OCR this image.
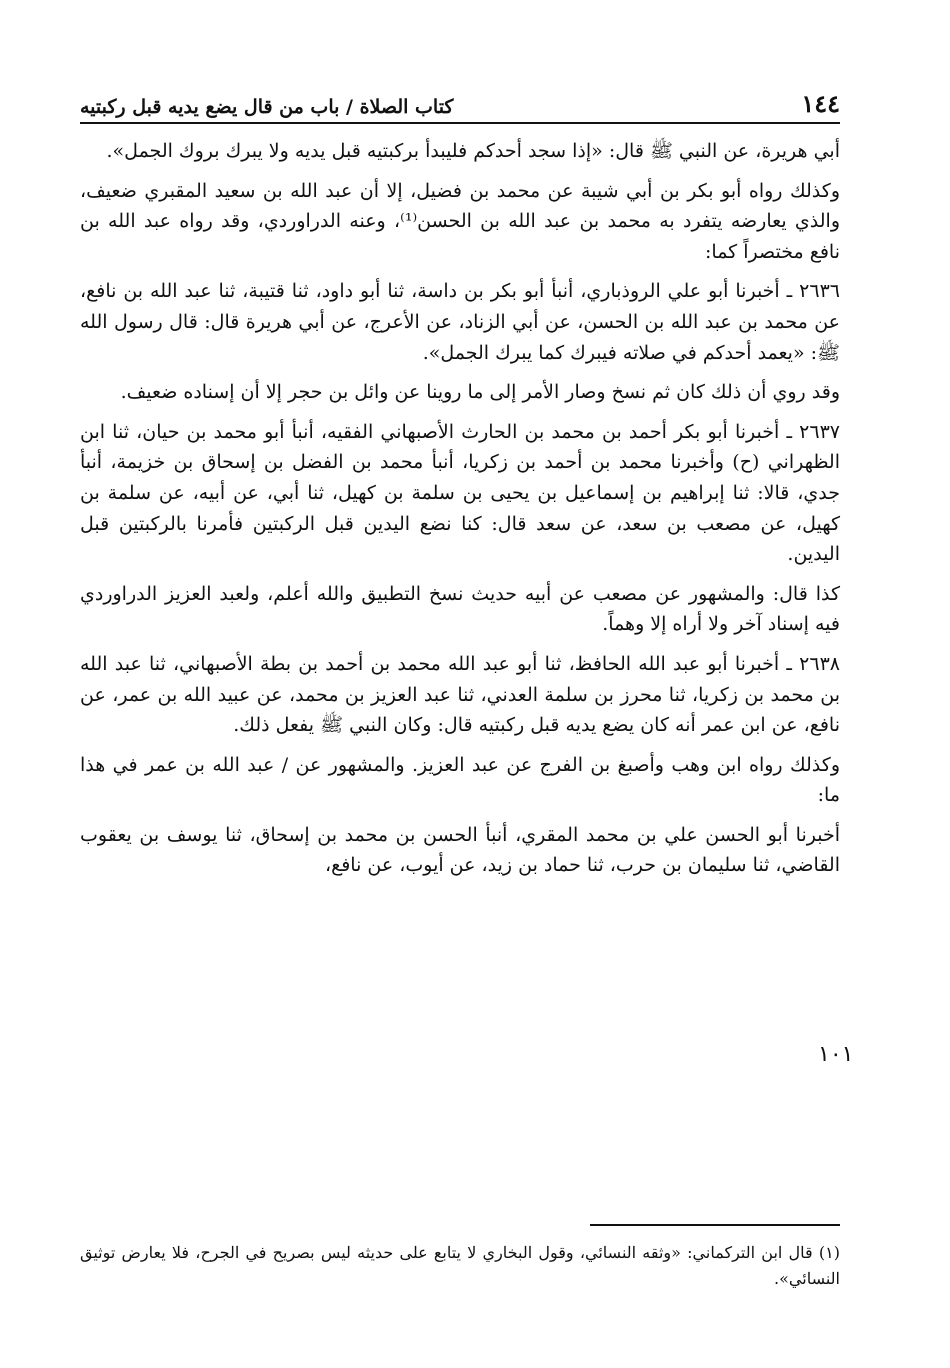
١٤٤
كتاب الصلاة / باب من قال يضع يديه قبل ركبتيه

أبي هريرة، عن النبي ﷺ قال: «إذا سجد أحدكم فليبدأ بركبتيه قبل يديه ولا يبرك بروك الجمل».

وكذلك رواه أبو بكر بن أبي شيبة عن محمد بن فضيل، إلا أن عبد الله بن سعيد المقبري ضعيف، والذي يعارضه يتفرد به محمد بن عبد الله بن الحسن⁽¹⁾، وعنه الدراوردي، وقد رواه عبد الله بن نافع مختصراً كما:

٢٦٣٦ ـ أخبرنا أبو علي الروذباري، أنبأ أبو بكر بن داسة، ثنا أبو داود، ثنا قتيبة، ثنا عبد الله بن نافع، عن محمد بن عبد الله بن الحسن، عن أبي الزناد، عن الأعرج، عن أبي هريرة قال: قال رسول الله ﷺ: «يعمد أحدكم في صلاته فيبرك كما يبرك الجمل».

وقد روي أن ذلك كان ثم نسخ وصار الأمر إلى ما روينا عن وائل بن حجر إلا أن إسناده ضعيف.

٢٦٣٧ ـ أخبرنا أبو بكر أحمد بن محمد بن الحارث الأصبهاني الفقيه، أنبأ أبو محمد بن حيان، ثنا ابن الظهراني (ح) وأخبرنا محمد بن أحمد بن زكريا، أنبأ محمد بن الفضل بن إسحاق بن خزيمة، أنبأ جدي، قالا: ثنا إبراهيم بن إسماعيل بن يحيى بن سلمة بن كهيل، ثنا أبي، عن أبيه، عن سلمة بن كهيل، عن مصعب بن سعد، عن سعد قال: كنا نضع اليدين قبل الركبتين فأمرنا بالركبتين قبل اليدين.

كذا قال: والمشهور عن مصعب عن أبيه حديث نسخ التطبيق والله أعلم، ولعبد العزيز الدراوردي فيه إسناد آخر ولا أراه إلا وهماً.

٢٦٣٨ ـ أخبرنا أبو عبد الله الحافظ، ثنا أبو عبد الله محمد بن أحمد بن بطة الأصبهاني، ثنا عبد الله بن محمد بن زكريا، ثنا محرز بن سلمة العدني، ثنا عبد العزيز بن محمد، عن عبيد الله بن عمر، عن نافع، عن ابن عمر أنه كان يضع يديه قبل ركبتيه قال: وكان النبي ﷺ يفعل ذلك.

وكذلك رواه ابن وهب وأصبغ بن الفرج عن عبد العزيز. والمشهور عن / عبد الله بن عمر في هذا ما:

أخبرنا أبو الحسن علي بن محمد المقري، أنبأ الحسن بن محمد بن إسحاق، ثنا يوسف بن يعقوب القاضي، ثنا سليمان بن حرب، ثنا حماد بن زيد، عن أيوب، عن نافع،

١٠١
(١) قال ابن التركماني: «وثقه النسائي، وقول البخاري لا يتابع على حديثه ليس بصريح في الجرح، فلا يعارض توثيق النسائي».
